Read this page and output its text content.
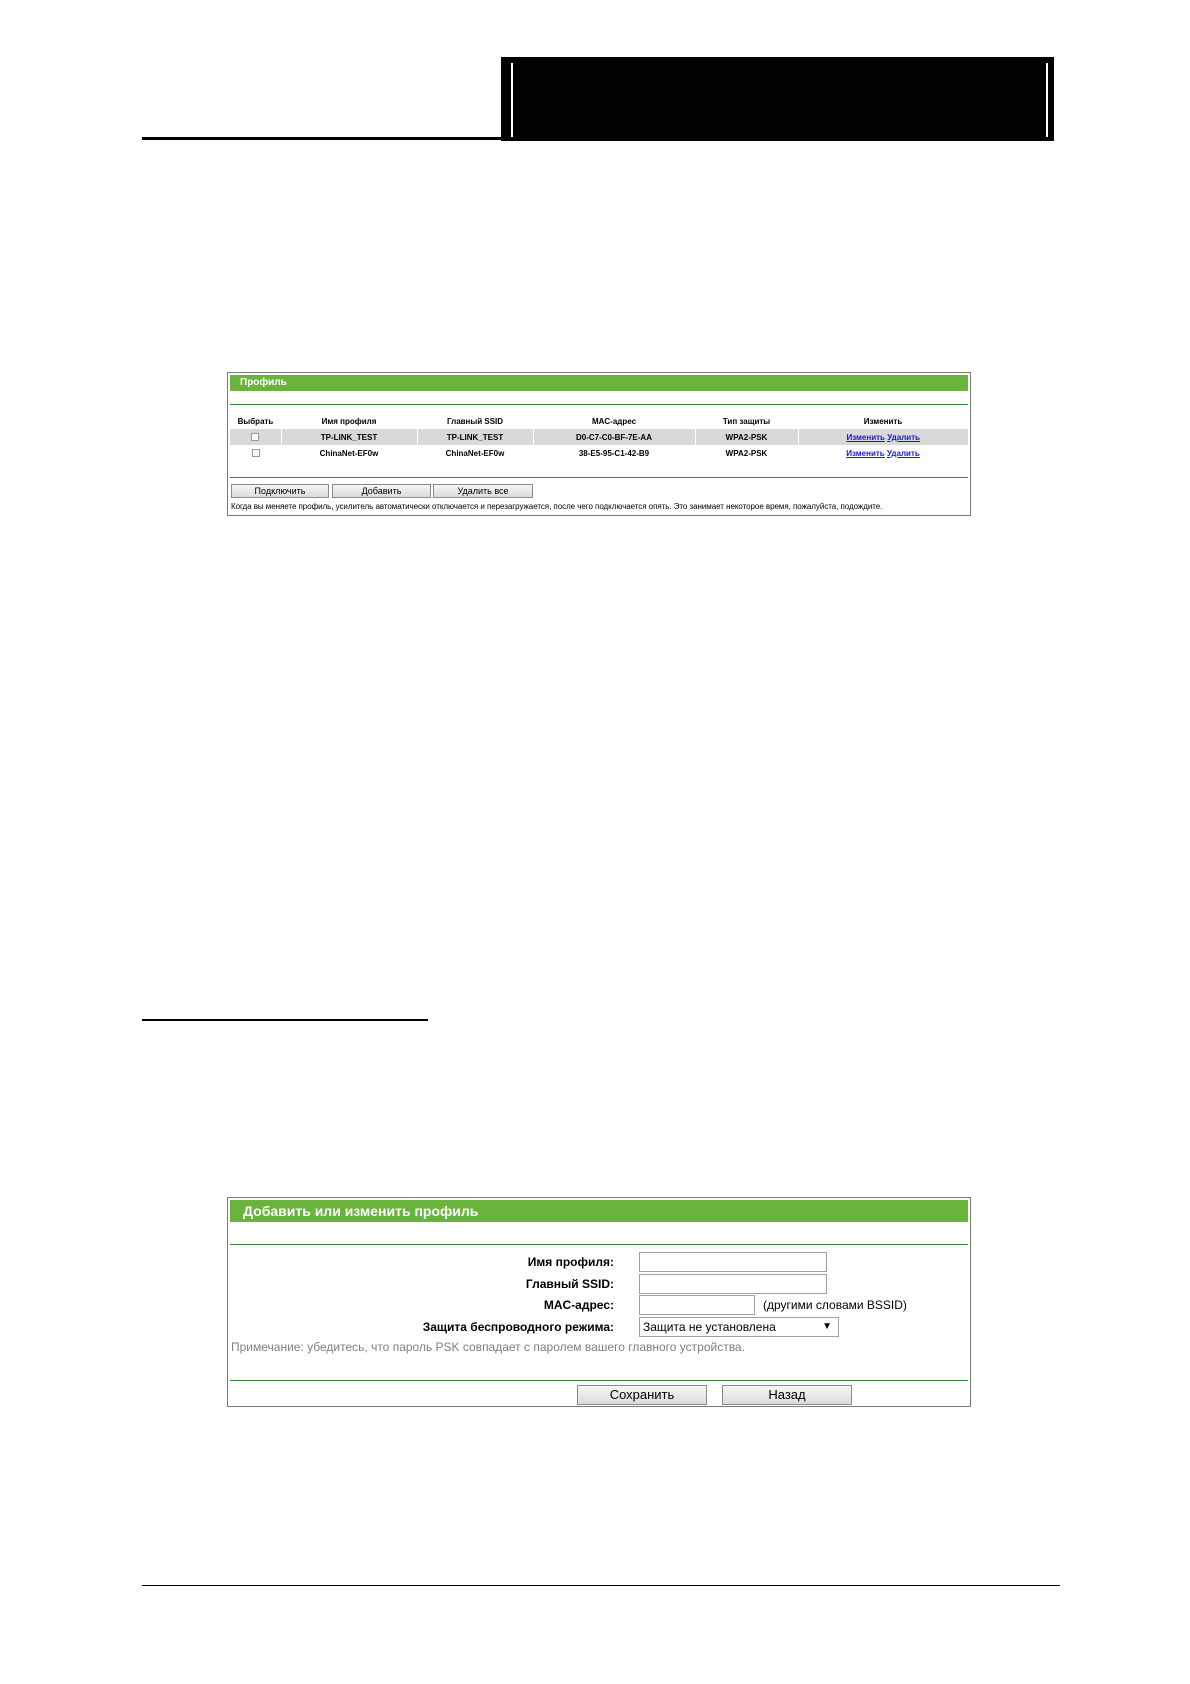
Профиль
Выбрать	Имя профиля	Главный SSID	MAC-адрес	Тип защиты	Изменить
	TP-LINK_TEST	TP-LINK_TEST	D0-C7-C0-BF-7E-AA	WPA2-PSK	Изменить Удалить
	ChinaNet-EF0w	ChinaNet-EF0w	38-E5-95-C1-42-B9	WPA2-PSK	Изменить Удалить
Подключить	Добавить	Удалить все
Когда вы меняете профиль, усилитель автоматически отключается и перезагружается, после чего подключается опять. Это занимает некоторое время, пожалуйста, подождите.
Добавить или изменить профиль
Имя профиля:
Главный SSID:
MAC-адрес:	(другими словами BSSID)
Защита беспроводного режима:	Защита не установлена	▼
Примечание: убедитесь, что пароль PSK совпадает с паролем вашего главного устройства.
Сохранить	Назад
